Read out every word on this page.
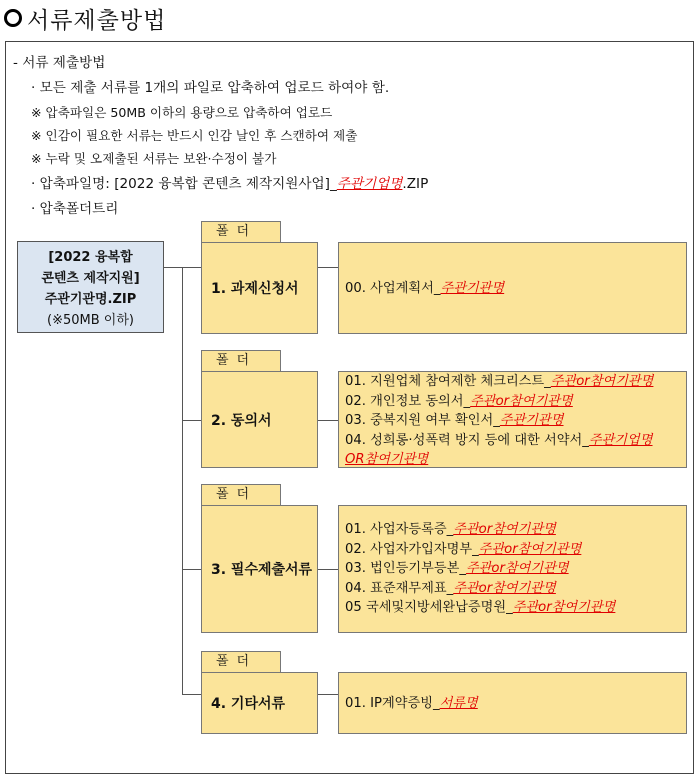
서류제출방법
- 서류 제출방법
· 모든 제출 서류를 1개의 파일로 압축하여 업로드 하여야 함.
※ 압축파일은 50MB 이하의 용량으로 압축하여 업로드
※ 인감이 필요한 서류는 반드시 인감 날인 후 스캔하여 제출
※ 누락 및 오제출된 서류는 보완·수정이 불가
· 압축파일명: [2022 융복합 콘텐츠 제작지원사업]_주관기업명.ZIP
· 압축폴더트리
[2022 융복합
콘텐츠 제작지원]
주관기관명.ZIP
(※50MB 이하)
폴더
1. 과제신청서	00. 사업계획서_주관기관명
폴더
2. 동의서
01. 지원업체 참여제한 체크리스트_주관or참여기관명
02. 개인정보 동의서_주관or참여기관명
03. 중복지원 여부 확인서_주관기관명
04. 성희롱·성폭력 방지 등에 대한 서약서_주관기업명
OR참여기관명
폴더
3. 필수제출서류
01. 사업자등록증_주관or참여기관명
02. 사업자가입자명부_주관or참여기관명
03. 법인등기부등본_주관or참여기관명
04. 표준재무제표_주관or참여기관명
05 국세및지방세완납증명원_주관or참여기관명
폴더
4. 기타서류	01. IP계약증빙_서류명
